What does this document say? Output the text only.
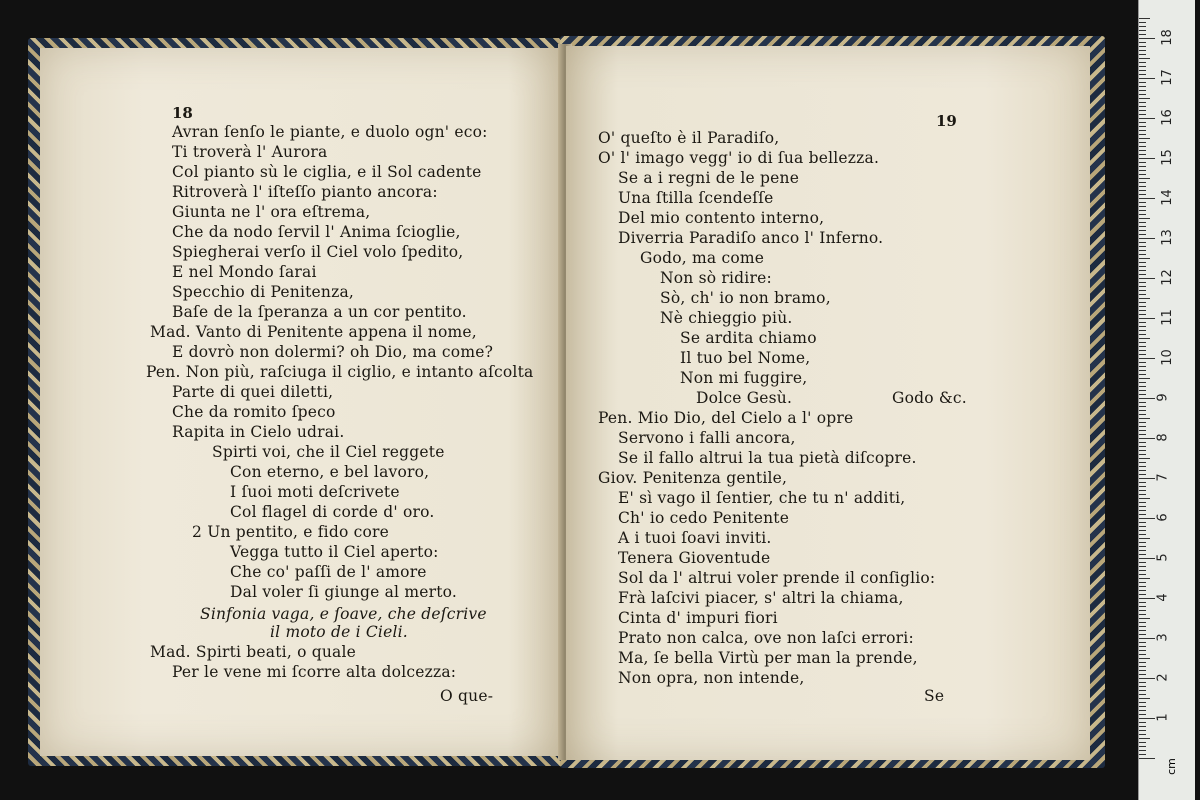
18
Avran ſenſo le piante, e duolo ogn' eco:
Ti troverà l' Aurora
Col pianto sù le ciglia, e il Sol cadente
Ritroverà l' iſteſſo pianto ancora:
Giunta ne l' ora eſtrema,
Che da nodo ſervil l' Anima ſcioglie,
Spiegherai verſo il Ciel volo ſpedito,
E nel Mondo ſarai
Specchio di Penitenza,
Baſe de la ſperanza a un cor pentito.
Mad. Vanto di Penitente appena il nome,
E dovrò non dolermi? oh Dio, ma come?
Pen. Non più, raſciuga il ciglio, e intanto aſcolta
Parte di quei diletti,
Che da romito ſpeco
Rapita in Cielo udrai.
Spirti voi, che il Ciel reggete
Con eterno, e bel lavoro,
I ſuoi moti deſcrivete
Col flagel di corde d' oro.
2 Un pentito, e fido core
Vegga tutto il Ciel aperto:
Che co' paſſi de l' amore
Dal voler ſi giunge al merto.
Sinfonia vaga, e ſoave, che deſcrive
il moto de i Cieli.
Mad. Spirti beati, o quale
Per le vene mi ſcorre alta dolcezza:
O que-
19
O' queſto è il Paradiſo,
O' l' imago vegg' io di ſua bellezza.
Se a i regni de le pene
Una ſtilla ſcendeſſe
Del mio contento interno,
Diverria Paradiſo anco l' Inferno.
Godo, ma come
Non sò ridire:
Sò, ch' io non bramo,
Nè chieggio più.
Se ardita chiamo
Il tuo bel Nome,
Non mi fuggire,
Dolce Gesù.	Godo &c.
Pen. Mio Dio, del Cielo a l' opre
Servono i falli ancora,
Se il fallo altrui la tua pietà diſcopre.
Giov. Penitenza gentile,
E' sì vago il ſentier, che tu n' additi,
Ch' io cedo Penitente
A i tuoi ſoavi inviti.
Tenera Gioventude
Sol da l' altrui voler prende il conſiglio:
Frà laſcivi piacer, s' altri la chiama,
Cinta d' impuri fiori
Prato non calca, ove non laſci errori:
Ma, ſe bella Virtù per man la prende,
Non opra, non intende,
Se
1
2
3
4
5
6
7
8
9
10
11
12
13
14
15
16
17
18
cm
